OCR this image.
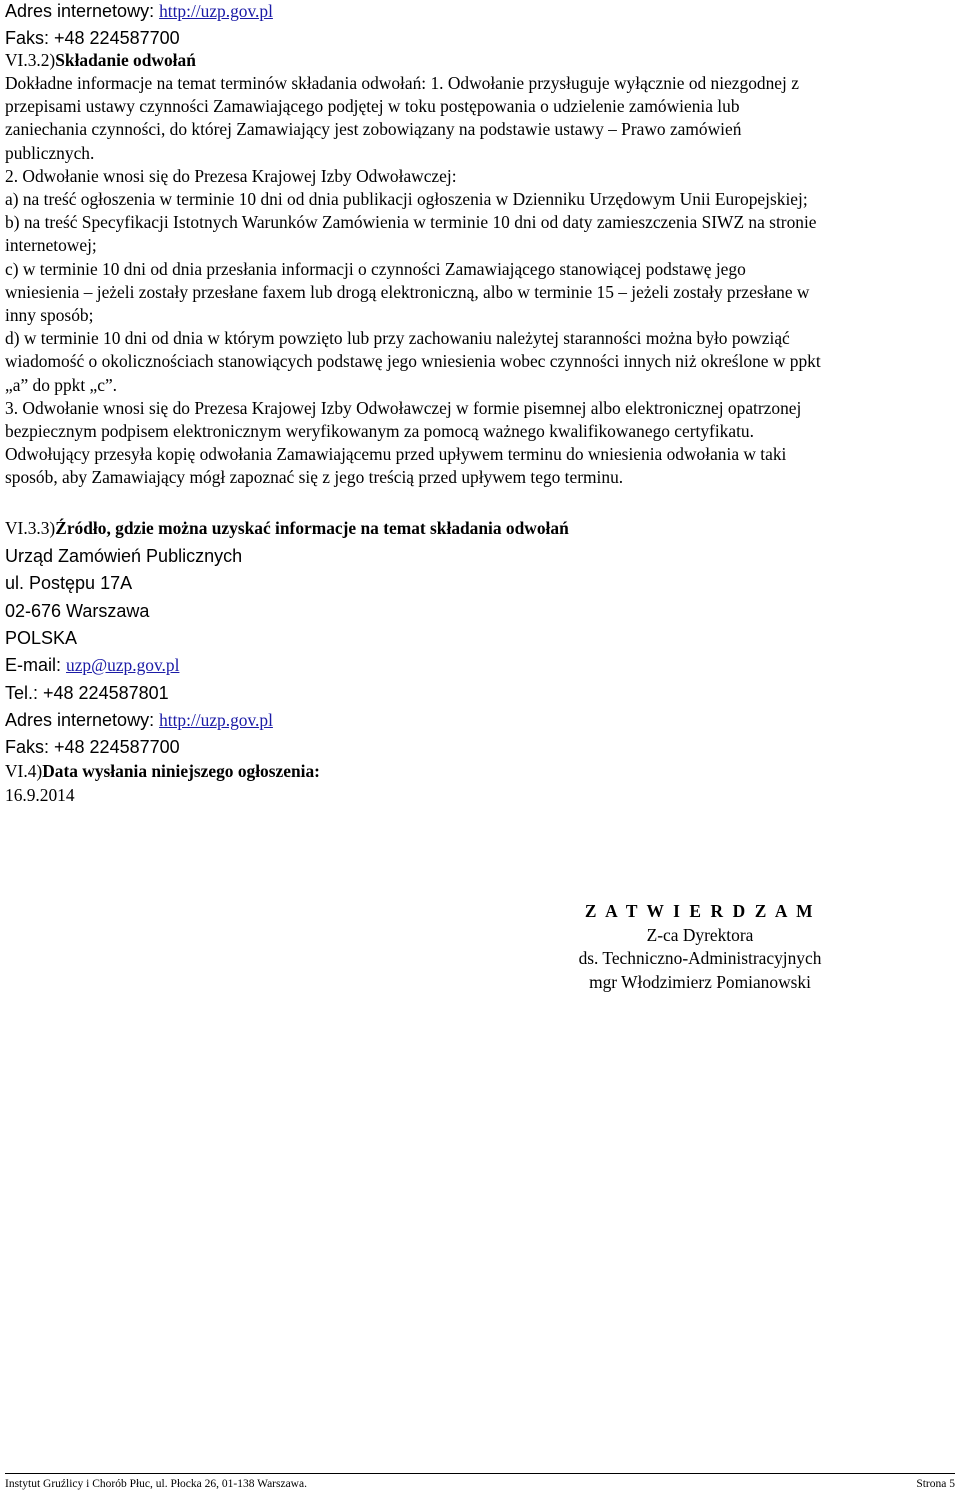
Adres internetowy: http://uzp.gov.pl
Faks: +48 224587700
VI.3.2)Składanie odwołań
Dokładne informacje na temat terminów składania odwołań: 1. Odwołanie przysługuje wyłącznie od niezgodnej z
przepisami ustawy czynności Zamawiającego podjętej w toku postępowania o udzielenie zamówienia lub
zaniechania czynności, do której Zamawiający jest zobowiązany na podstawie ustawy – Prawo zamówień
publicznych.
2. Odwołanie wnosi się do Prezesa Krajowej Izby Odwoławczej:
a) na treść ogłoszenia w terminie 10 dni od dnia publikacji ogłoszenia w Dzienniku Urzędowym Unii Europejskiej;
b) na treść Specyfikacji Istotnych Warunków Zamówienia w terminie 10 dni od daty zamieszczenia SIWZ na stronie
internetowej;
c) w terminie 10 dni od dnia przesłania informacji o czynności Zamawiającego stanowiącej podstawę jego
wniesienia – jeżeli zostały przesłane faxem lub drogą elektroniczną, albo w terminie 15 – jeżeli zostały przesłane w
inny sposób;
d) w terminie 10 dni od dnia w którym powzięto lub przy zachowaniu należytej staranności można było powziąć
wiadomość o okolicznościach stanowiących podstawę jego wniesienia wobec czynności innych niż określone w ppkt
„a” do ppkt „c”.
3. Odwołanie wnosi się do Prezesa Krajowej Izby Odwoławczej w formie pisemnej albo elektronicznej opatrzonej
bezpiecznym podpisem elektronicznym weryfikowanym za pomocą ważnego kwalifikowanego certyfikatu.
Odwołujący przesyła kopię odwołania Zamawiającemu przed upływem terminu do wniesienia odwołania w taki
sposób, aby Zamawiający mógł zapoznać się z jego treścią przed upływem tego terminu.
VI.3.3)Źródło, gdzie można uzyskać informacje na temat składania odwołań
Urząd Zamówień Publicznych
ul. Postępu 17A
02-676 Warszawa
POLSKA
E-mail: uzp@uzp.gov.pl
Tel.: +48 224587801
Adres internetowy: http://uzp.gov.pl
Faks: +48 224587700
VI.4)Data wysłania niniejszego ogłoszenia:
16.9.2014
Z A T W I E R D Z A M
Z-ca Dyrektora
ds. Techniczno-Administracyjnych
mgr Włodzimierz Pomianowski
Instytut Gruźlicy i Chorób Płuc, ul. Płocka 26, 01-138 Warszawa.	Strona 5
